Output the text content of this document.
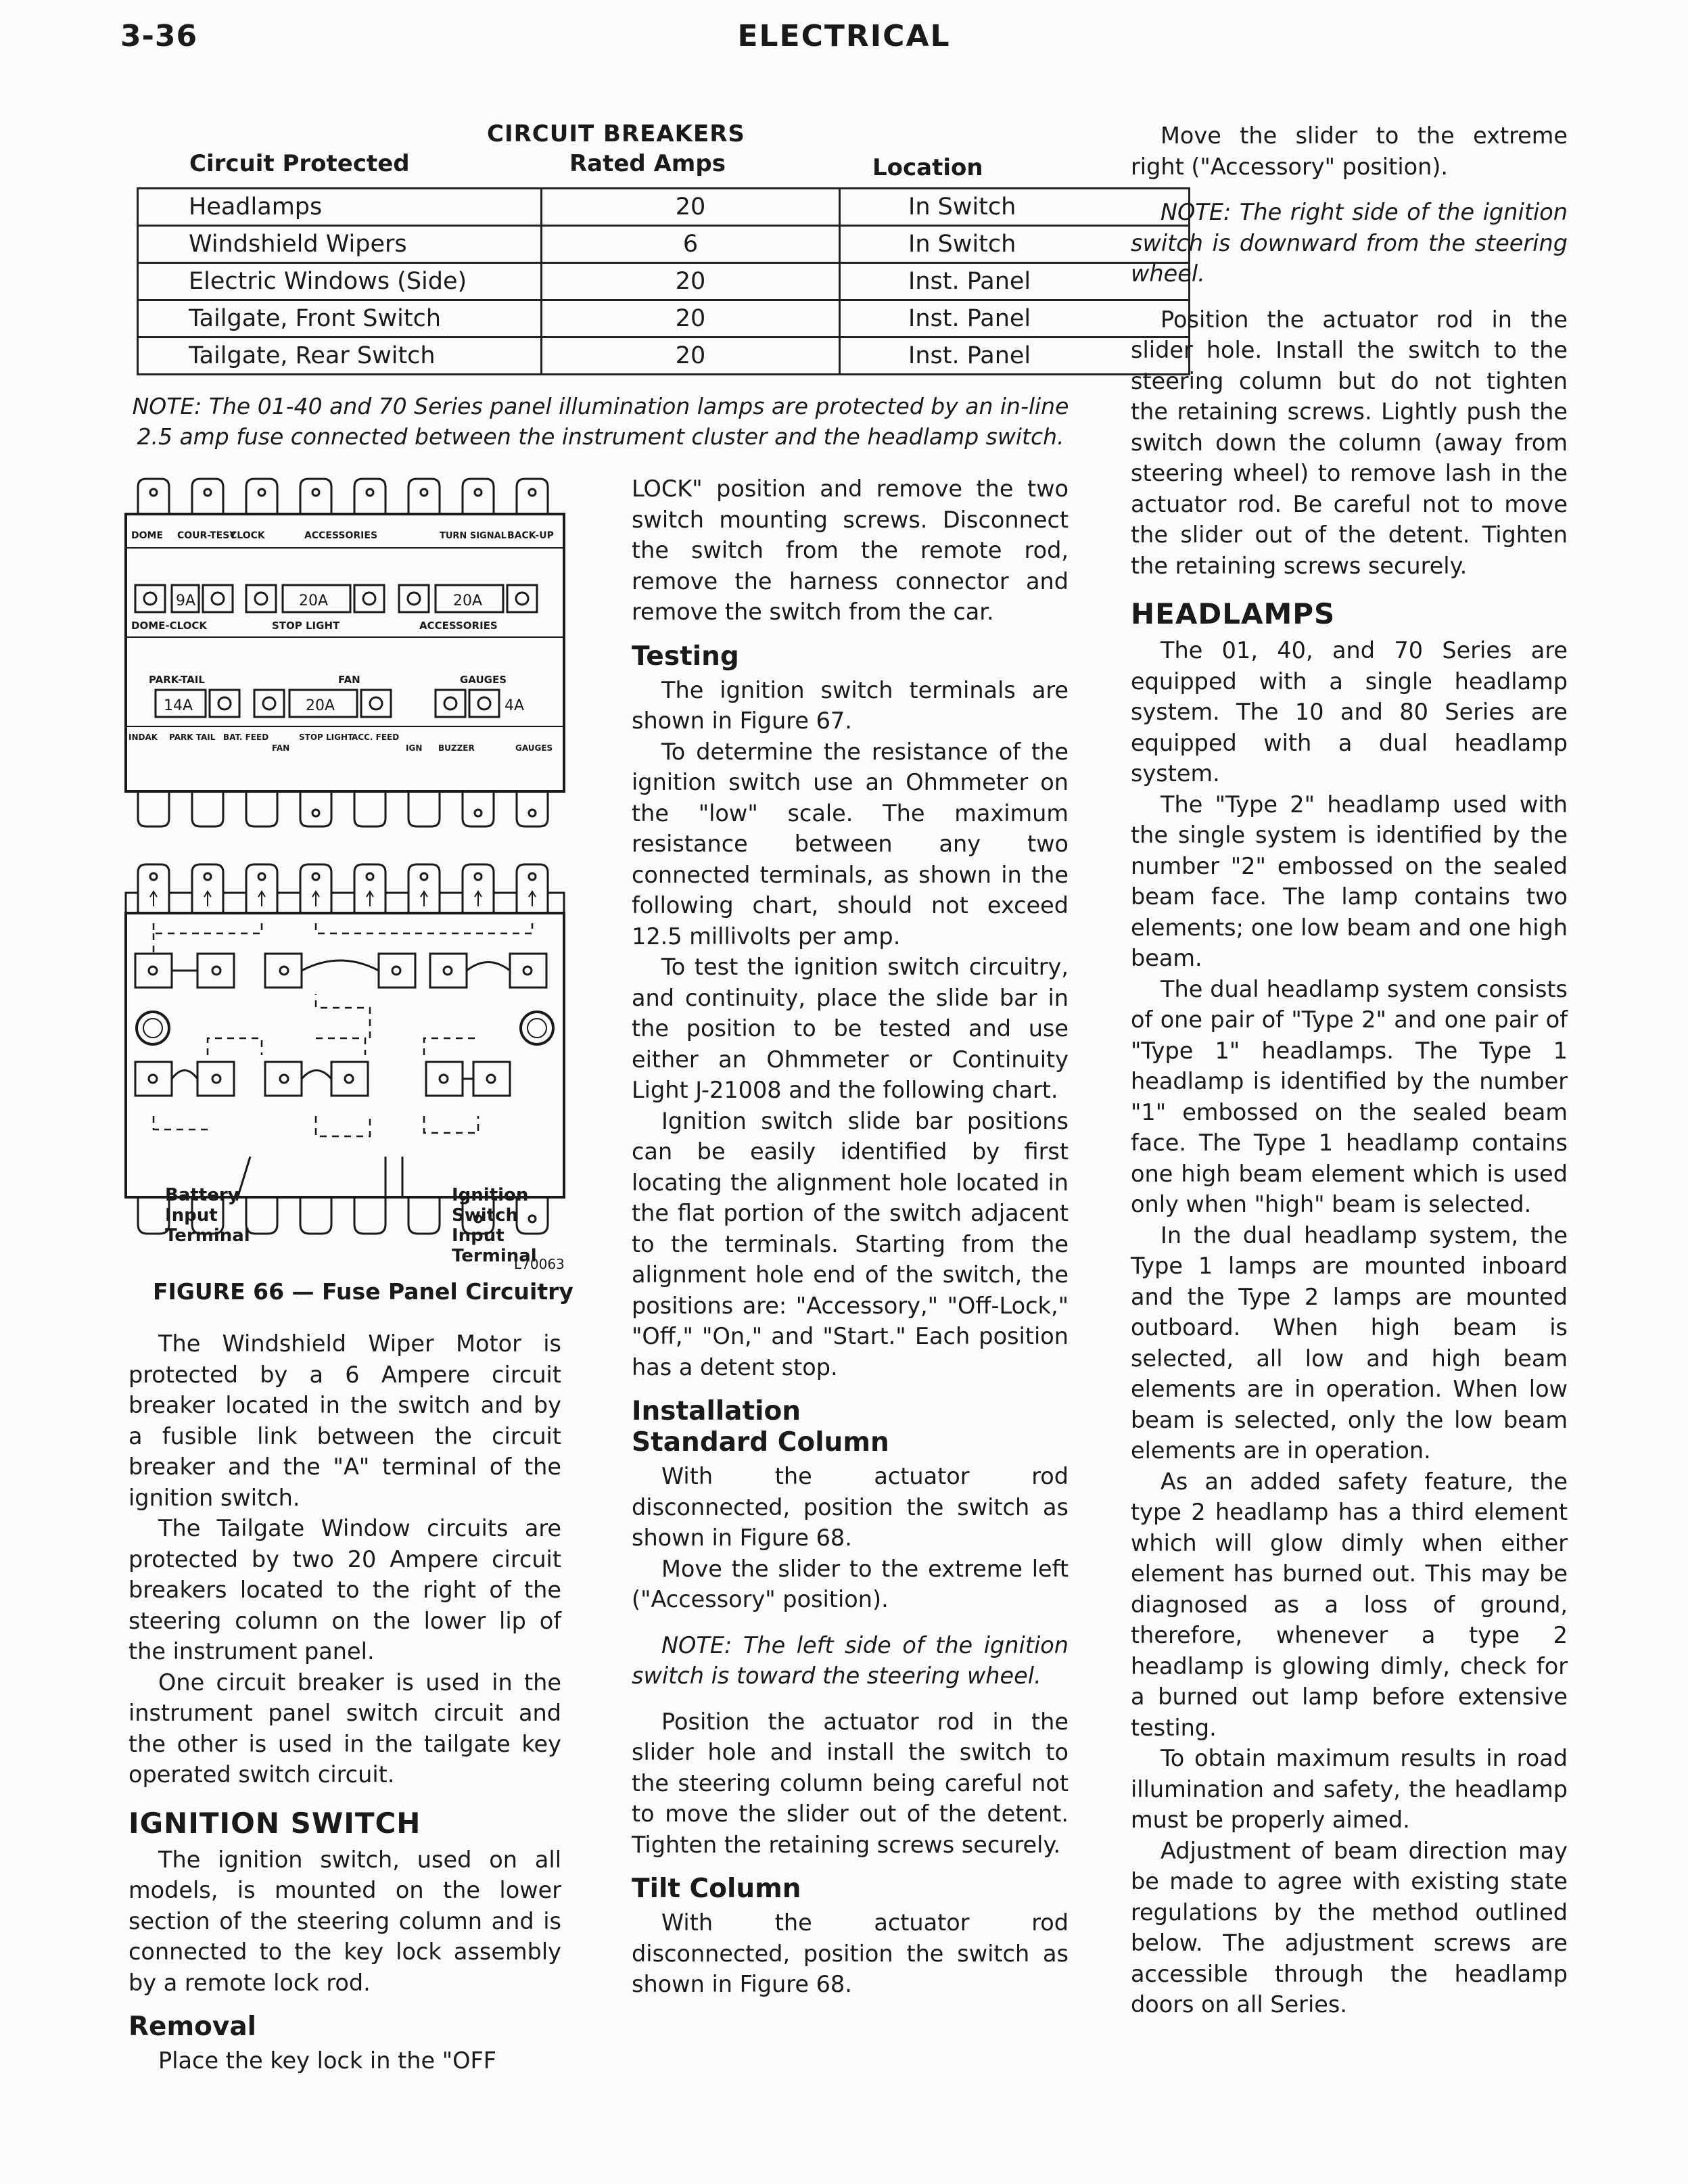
3-36	ELECTRICAL
CIRCUIT BREAKERS
Circuit Protected	Rated Amps	Location
Headlamps	20	In Switch
Windshield Wipers	6	In Switch
Electric Windows (Side)	20	Inst. Panel
Tailgate, Front Switch	20	Inst. Panel
Tailgate, Rear Switch	20	Inst. Panel
NOTE: The 01-40 and 70 Series panel illumination lamps are protected by an in-line 2.5 amp fuse connected between the instrument cluster and the headlamp switch.
DOME COUR-TESY
CLOCK	ACCESSORIES	TURN SIGNAL BACK-UP
9A	20A	20A
DOME-CLOCK	STOP LIGHT	ACCESSORIES
PARK-TAIL	FAN	GAUGES
14A	20A	4A
INDAK PARK TAIL BAT. FEED
FAN
STOP LIGHT
ACC. FEED
IGN BUZZER	GAUGES
Battery Input Terminal
Ignition Switch Input Terminal
L70063
FIGURE 66 — Fuse Panel Circuitry

The Windshield Wiper Motor is protected by a 6 Ampere circuit breaker located in the switch and by a fusible link between the circuit breaker and the "A" terminal of the ignition switch.

The Tailgate Window circuits are protected by two 20 Ampere circuit breakers located to the right of the steering column on the lower lip of the instrument panel.

One circuit breaker is used in the instrument panel switch circuit and the other is used in the tailgate key operated switch circuit.

IGNITION SWITCH

The ignition switch, used on all models, is mounted on the lower section of the steering column and is connected to the key lock assembly by a remote lock rod.

Removal

Place the key lock in the "OFF

LOCK" position and remove the two switch mounting screws. Disconnect the switch from the remote rod, remove the harness connector and remove the switch from the car.

Testing

The ignition switch terminals are shown in Figure 67.

To determine the resistance of the ignition switch use an Ohmmeter on the "low" scale. The maximum resistance between any two connected terminals, as shown in the following chart, should not exceed 12.5 millivolts per amp.

To test the ignition switch circuitry, and continuity, place the slide bar in the position to be tested and use either an Ohmmeter or Continuity Light J-21008 and the following chart.

Ignition switch slide bar positions can be easily identified by first locating the alignment hole located in the flat portion of the switch adjacent to the terminals. Starting from the alignment hole end of the switch, the positions are: "Accessory," "Off-Lock," "Off," "On," and "Start." Each position has a detent stop.

Installation
Standard Column

With the actuator rod disconnected, position the switch as shown in Figure 68.

Move the slider to the extreme left ("Accessory" position).

NOTE: The left side of the ignition switch is toward the steering wheel.

Position the actuator rod in the slider hole and install the switch to the steering column being careful not to move the slider out of the detent. Tighten the retaining screws securely.

Tilt Column

With the actuator rod disconnected, position the switch as shown in Figure 68.

Move the slider to the extreme right ("Accessory" position).

NOTE: The right side of the ignition switch is downward from the steering wheel.

Position the actuator rod in the slider hole. Install the switch to the steering column but do not tighten the retaining screws. Lightly push the switch down the column (away from steering wheel) to remove lash in the actuator rod. Be careful not to move the slider out of the detent. Tighten the retaining screws securely.

HEADLAMPS

The 01, 40, and 70 Series are equipped with a single headlamp system. The 10 and 80 Series are equipped with a dual headlamp system.

The "Type 2" headlamp used with the single system is identified by the number "2" embossed on the sealed beam face. The lamp contains two elements; one low beam and one high beam.

The dual headlamp system consists of one pair of "Type 2" and one pair of "Type 1" headlamps. The Type 1 headlamp is identified by the number "1" embossed on the sealed beam face. The Type 1 headlamp contains one high beam element which is used only when "high" beam is selected.

In the dual headlamp system, the Type 1 lamps are mounted inboard and the Type 2 lamps are mounted outboard. When high beam is selected, all low and high beam elements are in operation. When low beam is selected, only the low beam elements are in operation.

As an added safety feature, the type 2 headlamp has a third element which will glow dimly when either element has burned out. This may be diagnosed as a loss of ground, therefore, whenever a type 2 headlamp is glowing dimly, check for a burned out lamp before extensive testing.

To obtain maximum results in road illumination and safety, the headlamp must be properly aimed.

Adjustment of beam direction may be made to agree with existing state regulations by the method outlined below. The adjustment screws are accessible through the headlamp doors on all Series.
